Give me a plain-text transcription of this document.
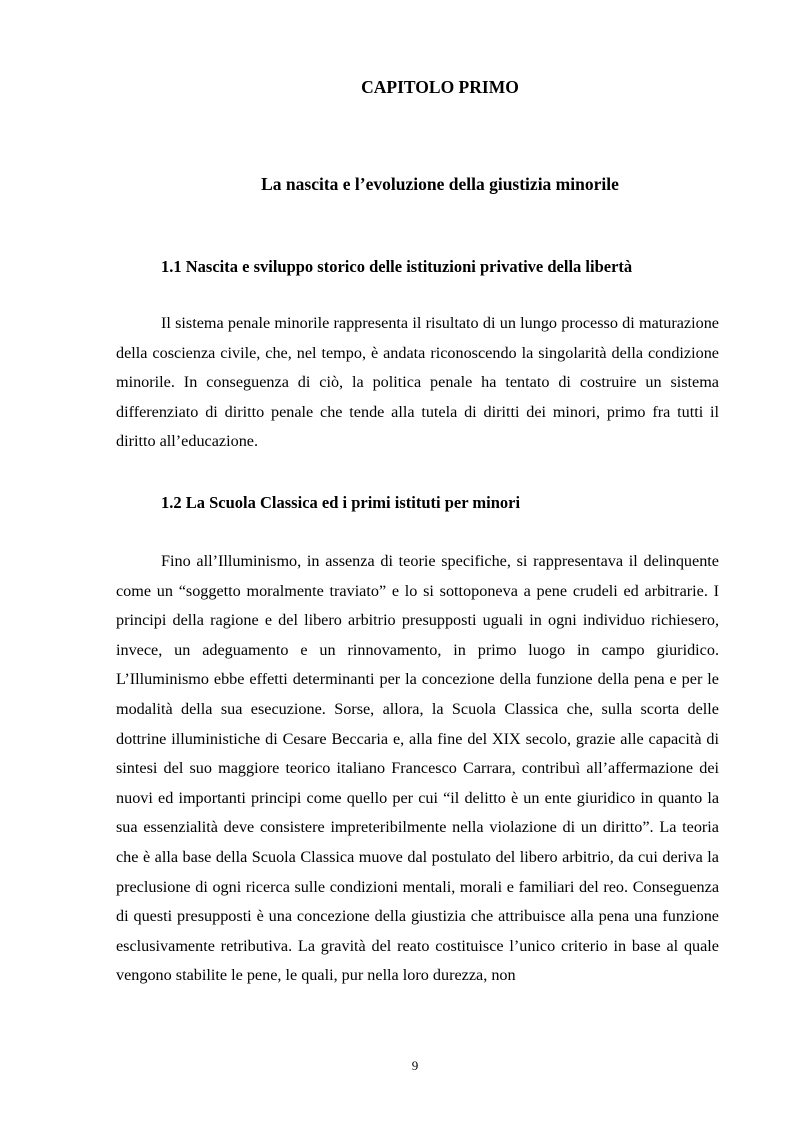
CAPITOLO PRIMO
La nascita e l’evoluzione della giustizia minorile
1.1 Nascita e sviluppo storico delle istituzioni privative della libertà

Il sistema penale minorile rappresenta il risultato di un lungo processo di maturazione della coscienza civile, che, nel tempo, è andata riconoscendo la singolarità della condizione minorile. In conseguenza di ciò, la politica penale ha tentato di costruire un sistema differenziato di diritto penale che tende alla tutela di diritti dei minori, primo fra tutti il diritto all’educazione.

1.2 La Scuola Classica ed i primi istituti per minori

Fino all’Illuminismo, in assenza di teorie specifiche, si rappresentava il delinquente come un “soggetto moralmente traviato” e lo si sottoponeva a pene crudeli ed arbitrarie. I principi della ragione e del libero arbitrio presupposti uguali in ogni individuo richiesero, invece, un adeguamento e un rinnovamento, in primo luogo in campo giuridico. L’Illuminismo ebbe effetti determinanti per la concezione della funzione della pena e per le modalità della sua esecuzione. Sorse, allora, la Scuola Classica che, sulla scorta delle dottrine illuministiche di Cesare Beccaria e, alla fine del XIX secolo, grazie alle capacità di sintesi del suo maggiore teorico italiano Francesco Carrara, contribuì all’affermazione dei nuovi ed importanti principi come quello per cui “il delitto è un ente giuridico in quanto la sua essenzialità deve consistere impreteribilmente nella violazione di un diritto”. La teoria che è alla base della Scuola Classica muove dal postulato del libero arbitrio, da cui deriva la preclusione di ogni ricerca sulle condizioni mentali, morali e familiari del reo. Conseguenza di questi presupposti è una concezione della giustizia che attribuisce alla pena una funzione esclusivamente retributiva. La gravità del reato costituisce l’unico criterio in base al quale vengono stabilite le pene, le quali, pur nella loro durezza, non

9
